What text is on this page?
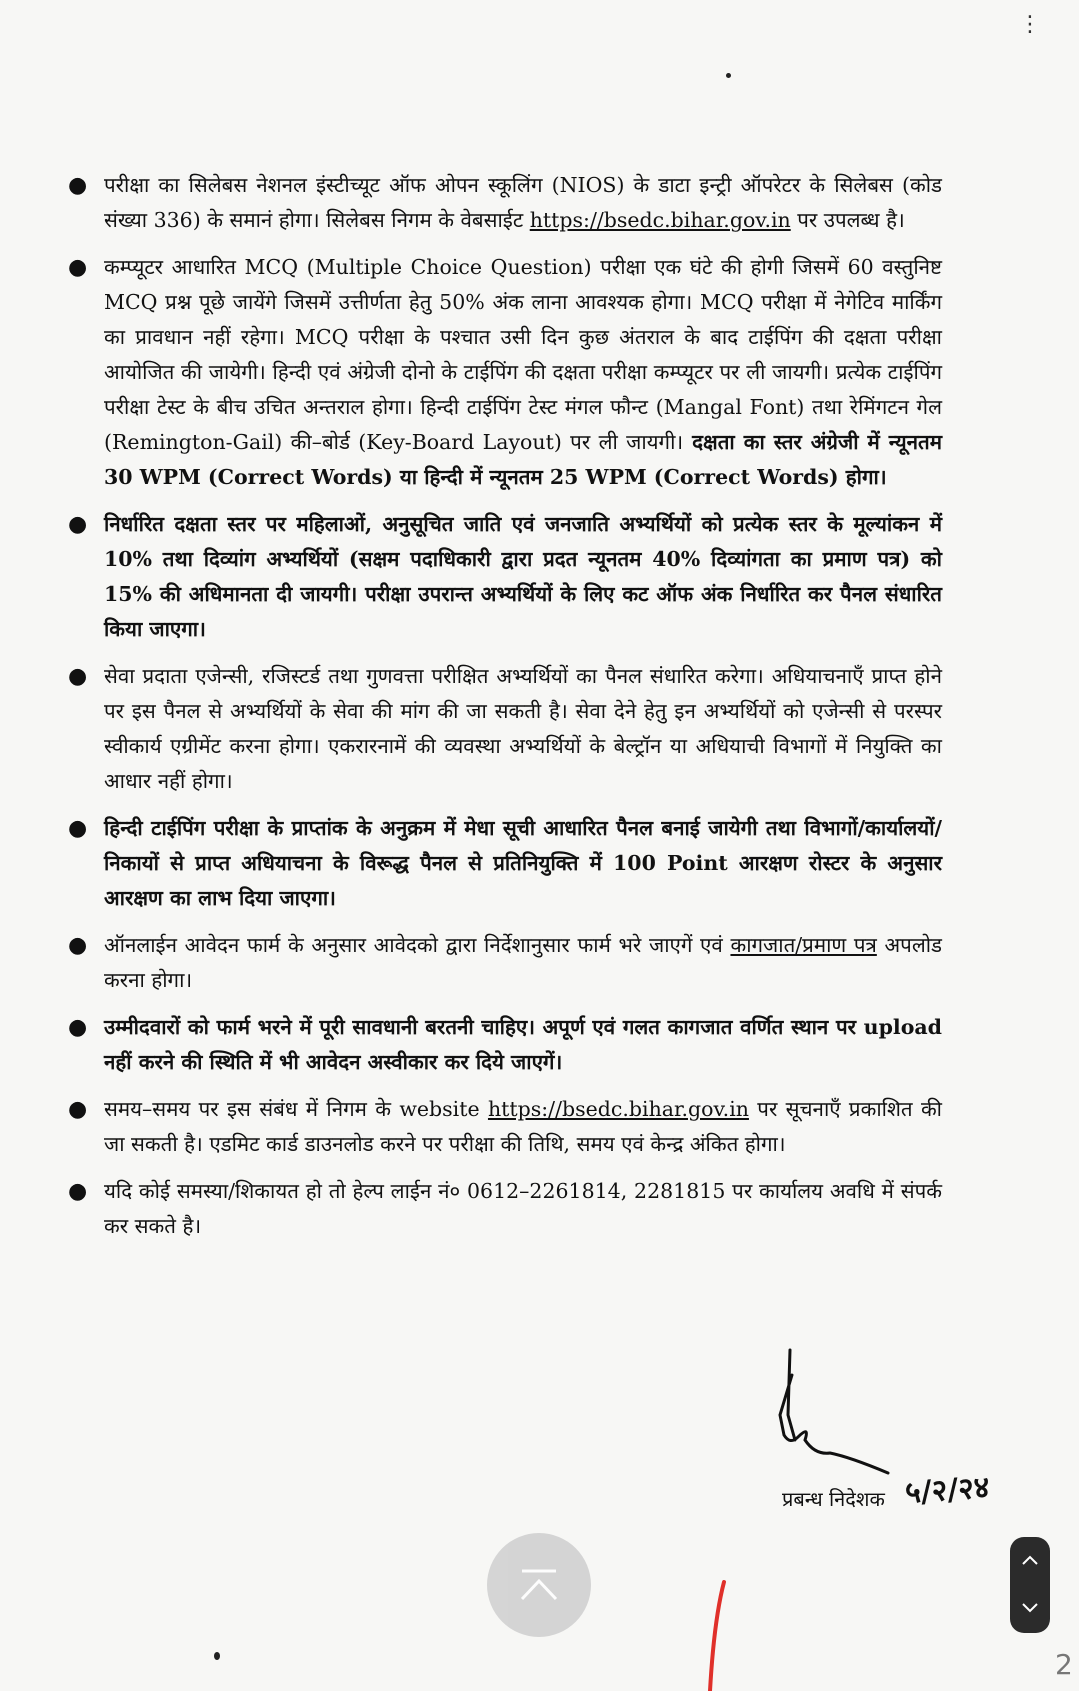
⋮
● परीक्षा का सिलेबस नेशनल इंस्टीच्यूट ऑफ ओपन स्कूलिंग (NIOS) के डाटा इन्ट्री ऑपरेटर के सिलेबस (कोड संख्या 336) के समानं होगा। सिलेबस निगम के वेबसाईट https://bsedc.bihar.gov.in पर उपलब्ध है।
● कम्प्यूटर आधारित MCQ (Multiple Choice Question) परीक्षा एक घंटे की होगी जिसमें 60 वस्तुनिष्ट MCQ प्रश्न पूछे जायेंगे जिसमें उत्तीर्णता हेतु 50% अंक लाना आवश्यक होगा। MCQ परीक्षा में नेगेटिव मार्किंग का प्रावधान नहीं रहेगा। MCQ परीक्षा के पश्चात उसी दिन कुछ अंतराल के बाद टाईपिंग की दक्षता परीक्षा आयोजित की जायेगी। हिन्दी एवं अंग्रेजी दोनो के टाईपिंग की दक्षता परीक्षा कम्प्यूटर पर ली जायगी। प्रत्येक टाईपिंग परीक्षा टेस्ट के बीच उचित अन्तराल होगा। हिन्दी टाईपिंग टेस्ट मंगल फौन्ट (Mangal Font) तथा रेमिंगटन गेल (Remington-Gail) की–बोर्ड (Key-Board Layout) पर ली जायगी। दक्षता का स्तर अंग्रेजी में न्यूनतम 30 WPM (Correct Words) या हिन्दी में न्यूनतम 25 WPM (Correct Words) होगा।
● निर्धारित दक्षता स्तर पर महिलाओं, अनुसूचित जाति एवं जनजाति अभ्यर्थियों को प्रत्येक स्तर के मूल्यांकन में 10% तथा दिव्यांग अभ्यर्थियों (सक्षम पदाधिकारी द्वारा प्रदत न्यूनतम 40% दिव्यांगता का प्रमाण पत्र) को 15% की अधिमानता दी जायगी। परीक्षा उपरान्त अभ्यर्थियों के लिए कट ऑफ अंक निर्धारित कर पैनल संधारित किया जाएगा।
● सेवा प्रदाता एजेन्सी, रजिस्टर्ड तथा गुणवत्ता परीक्षित अभ्यर्थियों का पैनल संधारित करेगा। अधियाचनाएँ प्राप्त होने पर इस पैनल से अभ्यर्थियों के सेवा की मांग की जा सकती है। सेवा देने हेतु इन अभ्यर्थियों को एजेन्सी से परस्पर स्वीकार्य एग्रीमेंट करना होगा। एकरारनामें की व्यवस्था अभ्यर्थियों के बेल्ट्रॉन या अधियाची विभागों में नियुक्ति का आधार नहीं होगा।
● हिन्दी टाईपिंग परीक्षा के प्राप्तांक के अनुक्रम में मेधा सूची आधारित पैनल बनाई जायेगी तथा विभागों/कार्यालयों/निकायों से प्राप्त अधियाचना के विरूद्ध पैनल से प्रतिनियुक्ति में 100 Point आरक्षण रोस्टर के अनुसार आरक्षण का लाभ दिया जाएगा।
● ऑनलाईन आवेदन फार्म के अनुसार आवेदको द्वारा निर्देशानुसार फार्म भरे जाएगें एवं कागजात/प्रमाण पत्र अपलोड करना होगा।
● उम्मीदवारों को फार्म भरने में पूरी सावधानी बरतनी चाहिए। अपूर्ण एवं गलत कागजात वर्णित स्थान पर upload नहीं करने की स्थिति में भी आवेदन अस्वीकार कर दिये जाएगें।
● समय–समय पर इस संबंध में निगम के website https://bsedc.bihar.gov.in पर सूचनाएँ प्रकाशित की जा सकती है। एडमिट कार्ड डाउनलोड करने पर परीक्षा की तिथि, समय एवं केन्द्र अंकित होगा।
● यदि कोई समस्या/शिकायत हो तो हेल्प लाईन नं० 0612–2261814, 2281815 पर कार्यालय अवधि में संपर्क कर सकते है।
प्रबन्ध निदेशक ५/२/२४
2
